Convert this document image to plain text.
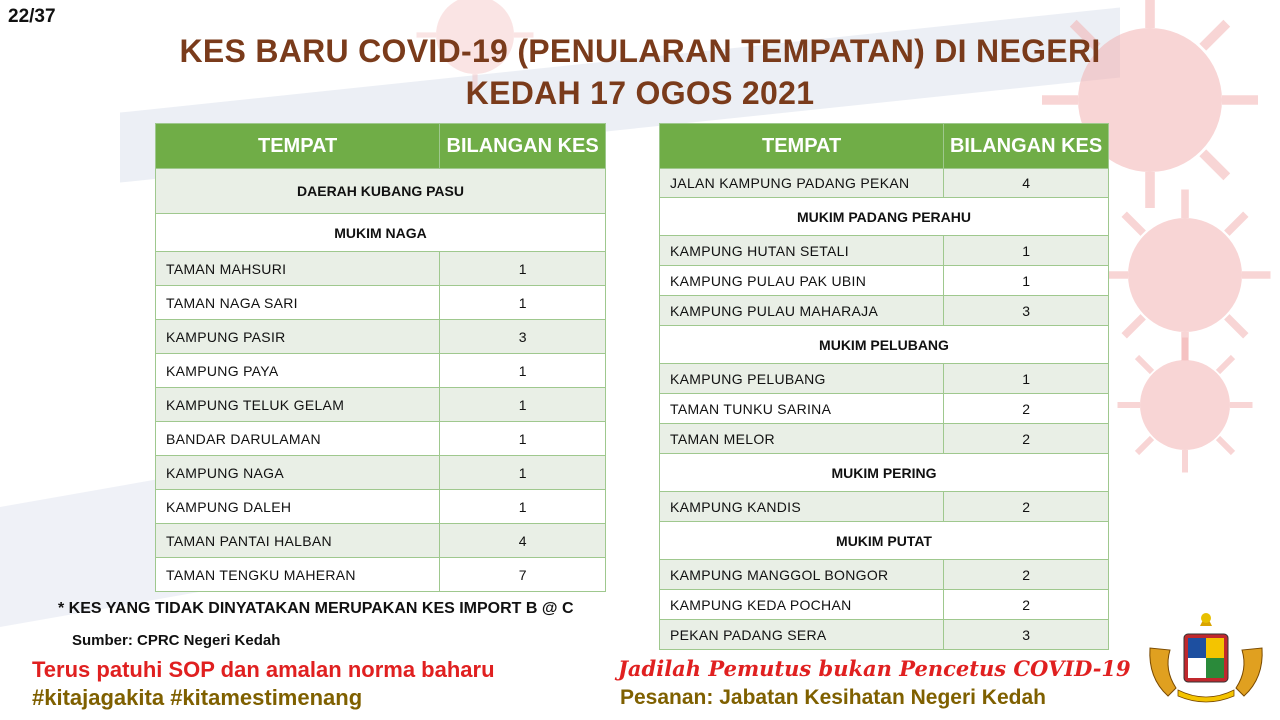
22/37
KES BARU COVID-19 (PENULARAN TEMPATAN) DI NEGERI
KEDAH 17 OGOS 2021
TEMPAT	BILANGAN KES
DAERAH KUBANG PASU	
MUKIM NAGA	
TAMAN MAHSURI	1
TAMAN NAGA SARI	1
KAMPUNG PASIR	3
KAMPUNG PAYA	1
KAMPUNG TELUK GELAM	1
BANDAR DARULAMAN	1
KAMPUNG NAGA	1
KAMPUNG DALEH	1
TAMAN PANTAI HALBAN	4
TAMAN TENGKU MAHERAN	7
TEMPAT	BILANGAN KES
JALAN KAMPUNG PADANG PEKAN	4
MUKIM PADANG PERAHU	
KAMPUNG HUTAN SETALI	1
KAMPUNG PULAU PAK UBIN	1
KAMPUNG PULAU MAHARAJA	3
MUKIM PELUBANG	
KAMPUNG PELUBANG	1
TAMAN TUNKU SARINA	2
TAMAN MELOR	2
MUKIM PERING	
KAMPUNG KANDIS	2
MUKIM PUTAT	
KAMPUNG MANGGOL BONGOR	2
KAMPUNG KEDA POCHAN	2
PEKAN PADANG SERA	3
* KES YANG TIDAK DINYATAKAN MERUPAKAN KES IMPORT B @ C
Sumber: CPRC Negeri Kedah
Terus patuhi SOP dan amalan norma baharu
#kitajagakita #kitamestimenang
Jadilah Pemutus bukan Pencetus COVID-19
Pesanan: Jabatan Kesihatan Negeri Kedah
